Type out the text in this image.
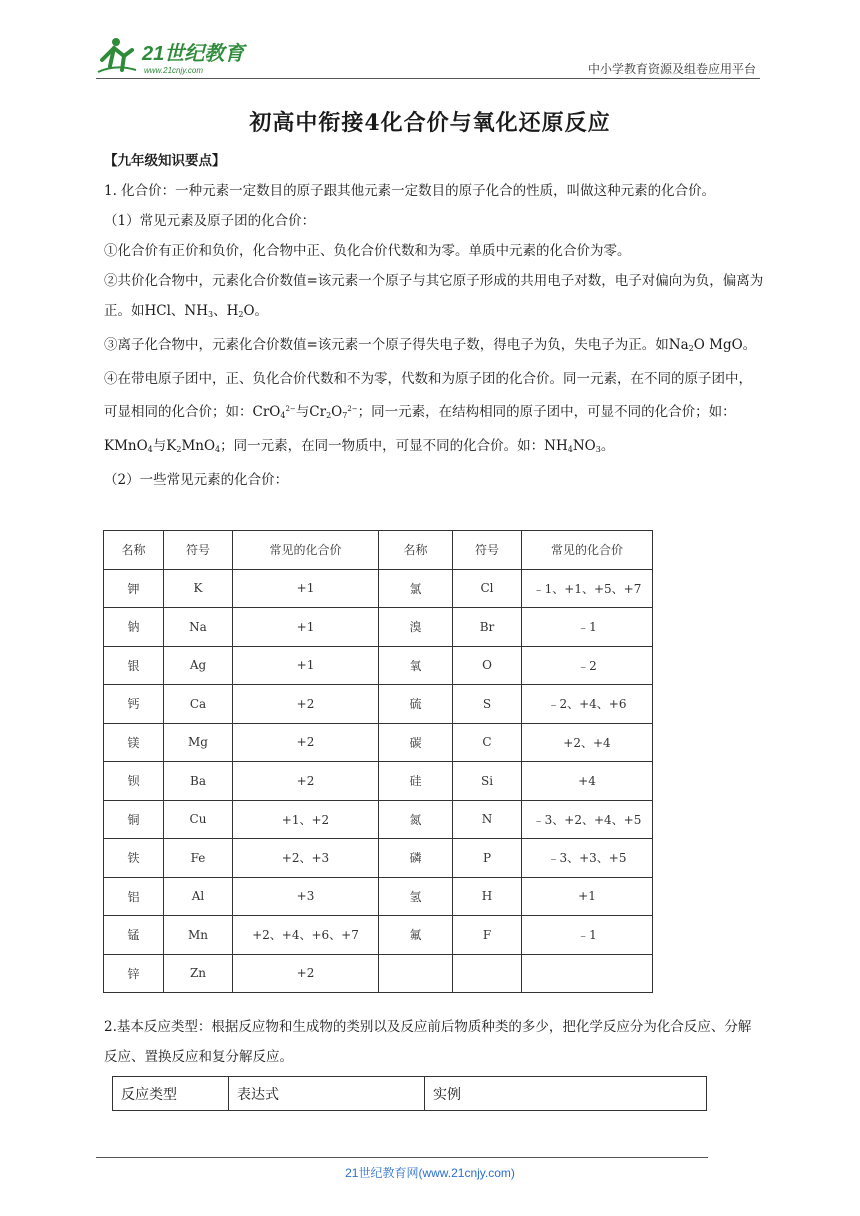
21世纪教育
www.21cnjy.com	中小学教育资源及组卷应用平台
初高中衔接4化合价与氧化还原反应

【九年级知识要点】

1. 化合价：一种元素一定数目的原子跟其他元素一定数目的原子化合的性质，叫做这种元素的化合价。

（1）常见元素及原子团的化合价：

①化合价有正价和负价，化合物中正、负化合价代数和为零。单质中元素的化合价为零。

②共价化合物中，元素化合价数值=该元素一个原子与其它原子形成的共用电子对数，电子对偏向为负，偏离为正。如HCl、$NH_3$、$H_2O$。

③离子化合物中，元素化合价数值=该元素一个原子得失电子数，得电子为负，失电子为正。如$Na_2O$ MgO。

④在带电原子团中，正、负化合价代数和不为零，代数和为原子团的化合价。同一元素，在不同的原子团中，可显相同的化合价；如：CrO$_4^{2-}$与$Cr_2O_7^{2-}$；同一元素，在结构相同的原子团中，可显不同的化合价；如：KMnO$_4$与$K_2MnO_4$；同一元素，在同一物质中，可显不同的化合价。如：$NH_4NO_3$。

（2）一些常见元素的化合价：

名称	符号	常见的化合价	名称	符号	常见的化合价
钾	K	+1	氯	Cl	﹣1、+1、+5、+7
钠	Na	+1	溴	Br	﹣1
银	Ag	+1	氧	O	﹣2
钙	Ca	+2	硫	S	﹣2、+4、+6
镁	Mg	+2	碳	C	+2、+4
钡	Ba	+2	硅	Si	+4
铜	Cu	+1、+2	氮	N	﹣3、+2、+4、+5
铁	Fe	+2、+3	磷	P	﹣3、+3、+5
铝	Al	+3	氢	H	+1
锰	Mn	+2、+4、+6、+7	氟	F	﹣1
锌	Zn	+2			

2.基本反应类型：根据反应物和生成物的类别以及反应前后物质种类的多少，把化学反应分为化合反应、分解反应、置换反应和复分解反应。

反应类型	表达式	实例
21世纪教育网(www.21cnjy.com)
